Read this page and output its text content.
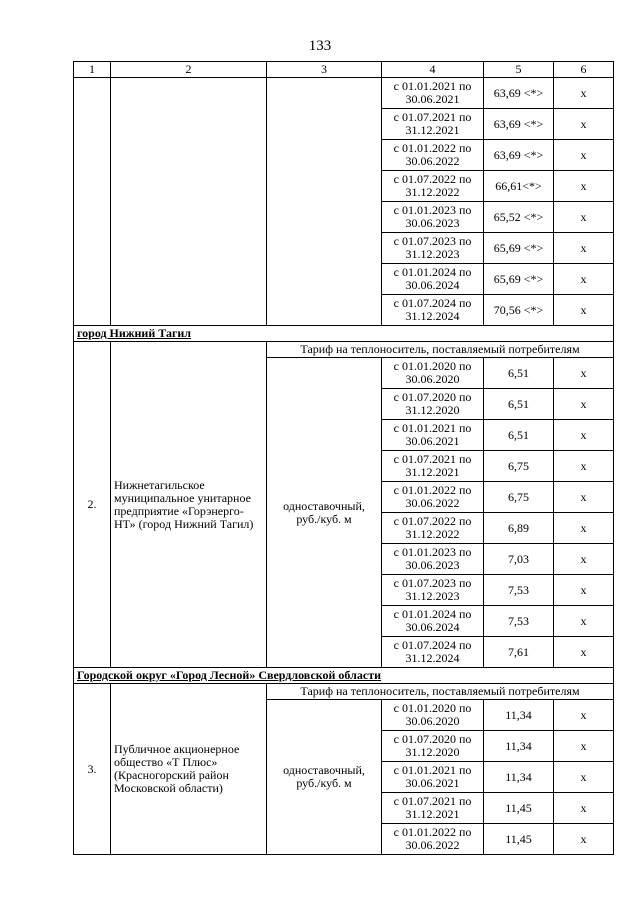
133
1	2	3	4	5	6
			с 01.01.2021 по 30.06.2021	63,69 <*>	х
			с 01.07.2021 по 31.12.2021	63,69 <*>	х
			с 01.01.2022 по 30.06.2022	63,69 <*>	х
			с 01.07.2022 по 31.12.2022	66,61<*>	х
			с 01.01.2023 по 30.06.2023	65,52 <*>	х
			с 01.07.2023 по 31.12.2023	65,69 <*>	х
			с 01.01.2024 по 30.06.2024	65,69 <*>	х
			с 01.07.2024 по 31.12.2024	70,56 <*>	х
город Нижний Тагил					
2.	Нижнетагильское муниципальное унитарное предприятие «Горэнерго-НТ» (город Нижний Тагил)	Тариф на теплоноситель, поставляемый потребителям			
		одноставочный, руб./куб. м	с 01.01.2020 по 30.06.2020	6,51	х
			с 01.07.2020 по 31.12.2020	6,51	х
			с 01.01.2021 по 30.06.2021	6,51	х
			с 01.07.2021 по 31.12.2021	6,75	х
			с 01.01.2022 по 30.06.2022	6,75	х
			с 01.07.2022 по 31.12.2022	6,89	х
			с 01.01.2023 по 30.06.2023	7,03	х
			с 01.07.2023 по 31.12.2023	7,53	х
			с 01.01.2024 по 30.06.2024	7,53	х
			с 01.07.2024 по 31.12.2024	7,61	х
Городской округ «Город Лесной» Свердловской области					
3.	Публичное акционерное общество «Т Плюс» (Красногорский район Московской области)	Тариф на теплоноситель, поставляемый потребителям			
		одноставочный, руб./куб. м	с 01.01.2020 по 30.06.2020	11,34	х
			с 01.07.2020 по 31.12.2020	11,34	х
			с 01.01.2021 по 30.06.2021	11,34	х
			с 01.07.2021 по 31.12.2021	11,45	х
			с 01.01.2022 по 30.06.2022	11,45	х
